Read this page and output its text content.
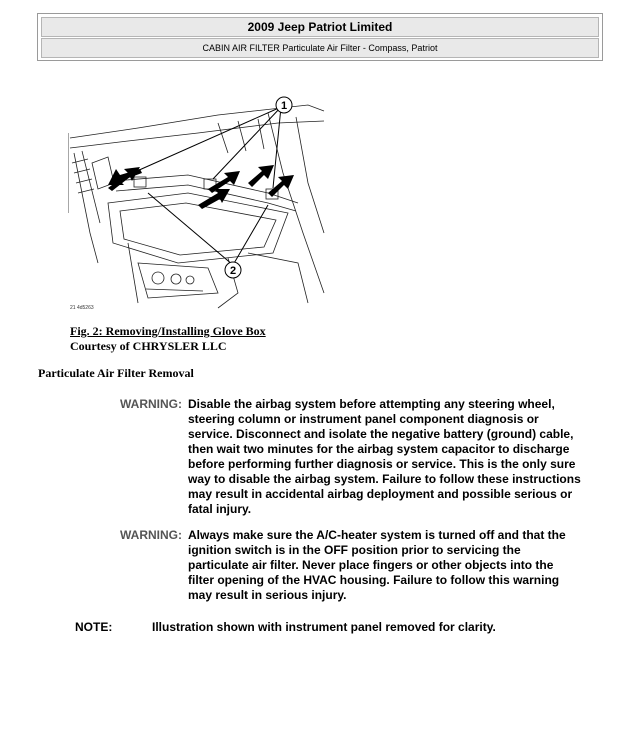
2009 Jeep Patriot Limited
CABIN AIR FILTER Particulate Air Filter - Compass, Patriot
1
2
21 4d5263
Fig. 2: Removing/Installing Glove Box
Courtesy of CHRYSLER LLC
Particulate Air Filter Removal
WARNING: Disable the airbag system before attempting any steering wheel,
steering column or instrument panel component diagnosis or
service. Disconnect and isolate the negative battery (ground) cable,
then wait two minutes for the airbag system capacitor to discharge
before performing further diagnosis or service. This is the only sure
way to disable the airbag system. Failure to follow these instructions
may result in accidental airbag deployment and possible serious or
fatal injury.
WARNING: Always make sure the A/C-heater system is turned off and that the
ignition switch is in the OFF position prior to servicing the
particulate air filter. Never place fingers or other objects into the
filter opening of the HVAC housing. Failure to follow this warning
may result in serious injury.
NOTE:	Illustration shown with instrument panel removed for clarity.
